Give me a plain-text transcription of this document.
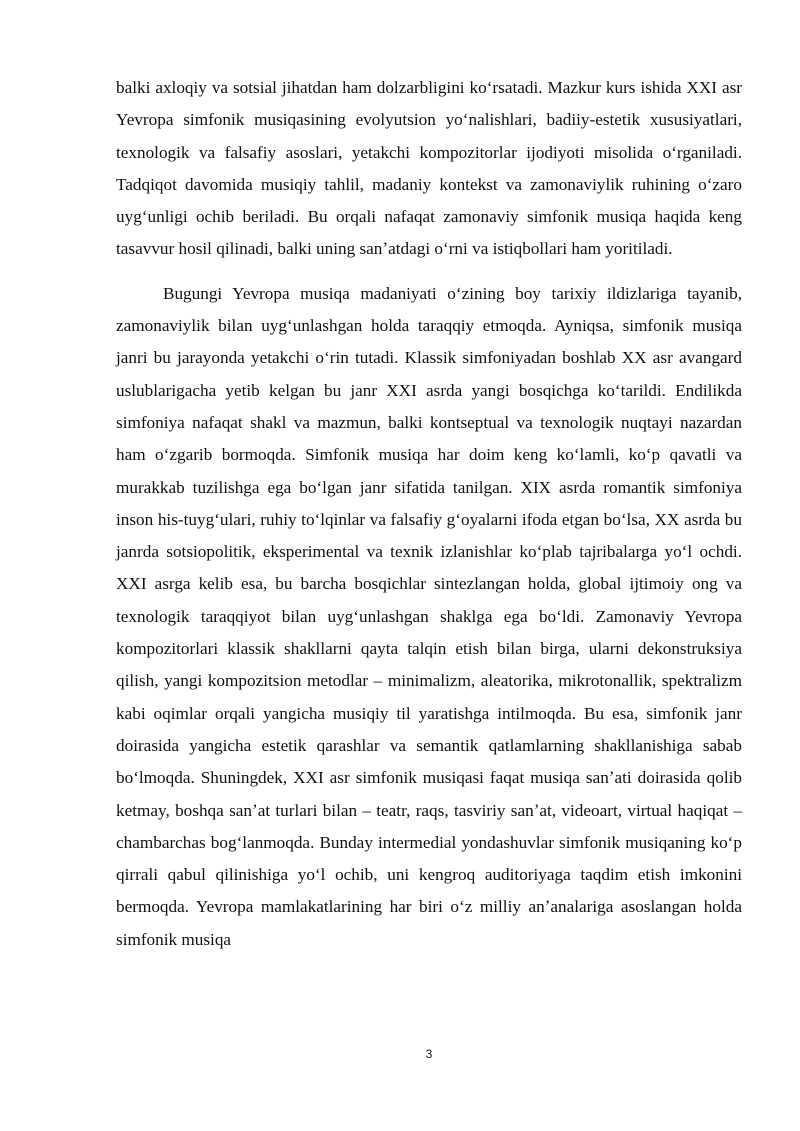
balki axloqiy va sotsial jihatdan ham dolzarbligini koʻrsatadi. Mazkur kurs ishida XXI asr Yevropa simfonik musiqasining evolyutsion yoʻnalishlari, badiiy-estetik xususiyatlari, texnologik va falsafiy asoslari, yetakchi kompozitorlar ijodiyoti misolida oʻrganiladi. Tadqiqot davomida musiqiy tahlil, madaniy kontekst va zamonaviylik ruhining oʻzaro uygʻunligi ochib beriladi. Bu orqali nafaqat zamonaviy simfonik musiqa haqida keng tasavvur hosil qilinadi, balki uning sanʼatdagi oʻrni va istiqbollari ham yoritiladi.

Bugungi Yevropa musiqa madaniyati oʻzining boy tarixiy ildizlariga tayanib, zamonaviylik bilan uygʻunlashgan holda taraqqiy etmoqda. Ayniqsa, simfonik musiqa janri bu jarayonda yetakchi oʻrin tutadi. Klassik simfoniyadan boshlab XX asr avangard uslublarigacha yetib kelgan bu janr XXI asrda yangi bosqichga koʻtarildi. Endilikda simfoniya nafaqat shakl va mazmun, balki kontseptual va texnologik nuqtayi nazardan ham oʻzgarib bormoqda. Simfonik musiqa har doim keng koʻlamli, koʻp qavatli va murakkab tuzilishga ega boʻlgan janr sifatida tanilgan. XIX asrda romantik simfoniya inson his-tuygʻulari, ruhiy toʻlqinlar va falsafiy gʻoyalarni ifoda etgan boʻlsa, XX asrda bu janrda sotsiopolitik, eksperimental va texnik izlanishlar koʻplab tajribalarga yoʻl ochdi. XXI asrga kelib esa, bu barcha bosqichlar sintezlangan holda, global ijtimoiy ong va texnologik taraqqiyot bilan uygʻunlashgan shaklga ega boʻldi. Zamonaviy Yevropa kompozitorlari klassik shakllarni qayta talqin etish bilan birga, ularni dekonstruksiya qilish, yangi kompozitsion metodlar – minimalizm, aleatorika, mikrotonallik, spektralizm kabi oqimlar orqali yangicha musiqiy til yaratishga intilmoqda. Bu esa, simfonik janr doirasida yangicha estetik qarashlar va semantik qatlamlarning shakllanishiga sabab boʻlmoqda. Shuningdek, XXI asr simfonik musiqasi faqat musiqa sanʼati doirasida qolib ketmay, boshqa sanʼat turlari bilan – teatr, raqs, tasviriy sanʼat, videoart, virtual haqiqat – chambarchas bogʻlanmoqda. Bunday intermedial yondashuvlar simfonik musiqaning koʻp qirrali qabul qilinishiga yoʻl ochib, uni kengroq auditoriyaga taqdim etish imkonini bermoqda. Yevropa mamlakatlarining har biri oʻz milliy anʼanalariga asoslangan holda simfonik musiqa

3
